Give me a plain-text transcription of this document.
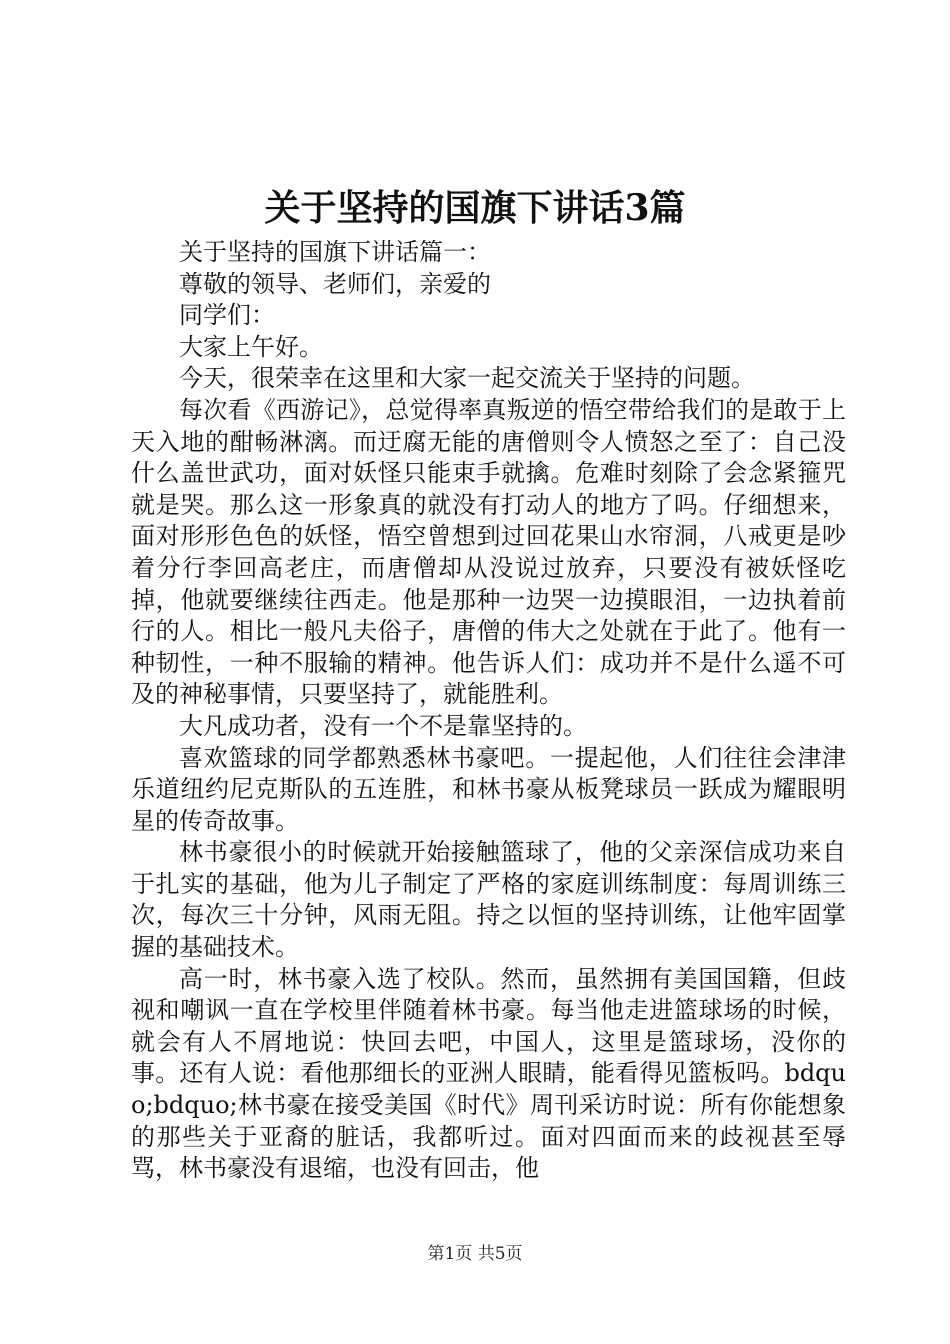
关于坚持的国旗下讲话3篇

关于坚持的国旗下讲话篇一：

尊敬的领导、老师们，亲爱的

同学们：

大家上午好。

今天，很荣幸在这里和大家一起交流关于坚持的问题。

每次看《西游记》，总觉得率真叛逆的悟空带给我们的是敢于上天入地的酣畅淋漓。而迂腐无能的唐僧则令人愤怒之至了：自己没什么盖世武功，面对妖怪只能束手就擒。危难时刻除了会念紧箍咒就是哭。那么这一形象真的就没有打动人的地方了吗。仔细想来，面对形形色色的妖怪，悟空曾想到过回花果山水帘洞，八戒更是吵着分行李回高老庄，而唐僧却从没说过放弃，只要没有被妖怪吃掉，他就要继续往西走。他是那种一边哭一边摸眼泪，一边执着前行的人。相比一般凡夫俗子，唐僧的伟大之处就在于此了。他有一种韧性，一种不服输的精神。他告诉人们：成功并不是什么遥不可及的神秘事情，只要坚持了，就能胜利。

大凡成功者，没有一个不是靠坚持的。

喜欢篮球的同学都熟悉林书豪吧。一提起他，人们往往会津津乐道纽约尼克斯队的五连胜，和林书豪从板凳球员一跃成为耀眼明星的传奇故事。

林书豪很小的时候就开始接触篮球了，他的父亲深信成功来自于扎实的基础，他为儿子制定了严格的家庭训练制度：每周训练三次，每次三十分钟，风雨无阻。持之以恒的坚持训练，让他牢固掌握的基础技术。

高一时，林书豪入选了校队。然而，虽然拥有美国国籍，但歧视和嘲讽一直在学校里伴随着林书豪。每当他走进篮球场的时候，就会有人不屑地说：快回去吧，中国人，这里是篮球场，没你的事。还有人说：看他那细长的亚洲人眼睛，能看得见篮板吗。bdquo;bdquo;林书豪在接受美国《时代》周刊采访时说：所有你能想象的那些关于亚裔的脏话，我都听过。面对四面而来的歧视甚至辱骂，林书豪没有退缩，也没有回击，他

第1页 共5页
